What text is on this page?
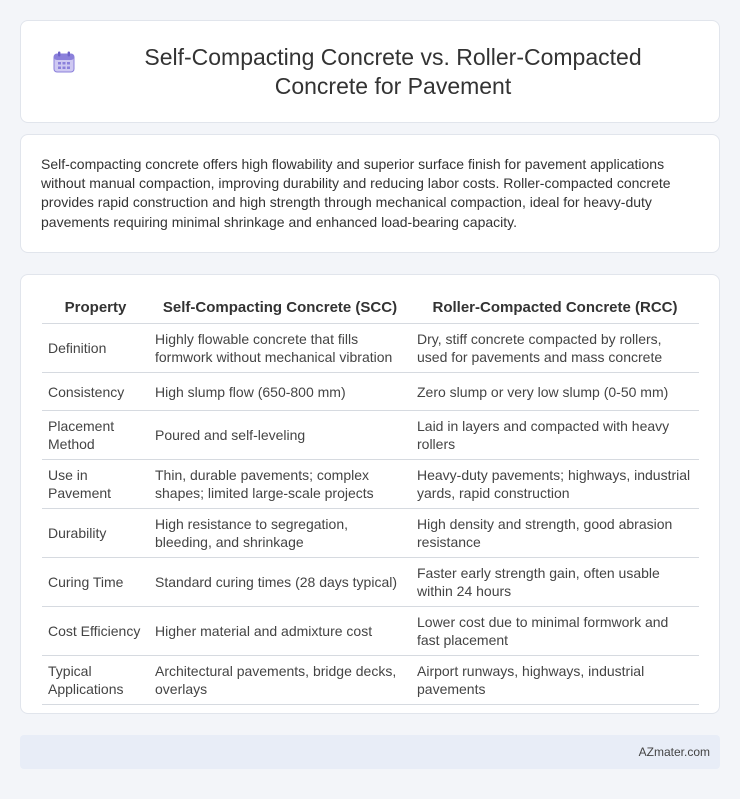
Self-Compacting Concrete vs. Roller-Compacted Concrete for Pavement

Self-compacting concrete offers high flowability and superior surface finish for pavement applications without manual compaction, improving durability and reducing labor costs. Roller-compacted concrete provides rapid construction and high strength through mechanical compaction, ideal for heavy-duty pavements requiring minimal shrinkage and enhanced load-bearing capacity.

Property	Self-Compacting Concrete (SCC)	Roller-Compacted Concrete (RCC)
Definition	Highly flowable concrete that fills formwork without mechanical vibration	Dry, stiff concrete compacted by rollers, used for pavements and mass concrete
Consistency	High slump flow (650-800 mm)	Zero slump or very low slump (0-50 mm)
Placement Method	Poured and self-leveling	Laid in layers and compacted with heavy rollers
Use in Pavement	Thin, durable pavements; complex shapes; limited large-scale projects	Heavy-duty pavements; highways, industrial yards, rapid construction
Durability	High resistance to segregation, bleeding, and shrinkage	High density and strength, good abrasion resistance
Curing Time	Standard curing times (28 days typical)	Faster early strength gain, often usable within 24 hours
Cost Efficiency	Higher material and admixture cost	Lower cost due to minimal formwork and fast placement
Typical Applications	Architectural pavements, bridge decks, overlays	Airport runways, highways, industrial pavements
AZmater.com
